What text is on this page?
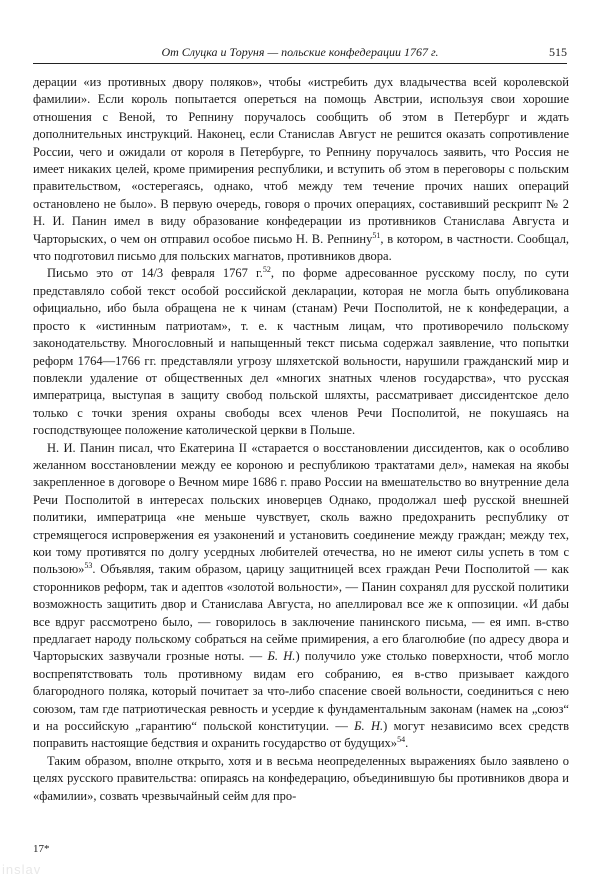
От Слуцка и Торуня — польские конфедерации 1767 г.	515

дерации «из противных двору поляков», чтобы «истребить дух владычества всей королевской фамилии». Если король попытается опереться на помощь Австрии, используя свои хорошие отношения с Веной, то Репнину поручалось сообщить об этом в Петербург и ждать дополнительных инструкций. Наконец, если Станислав Август не решится оказать сопротивление России, чего и ожидали от короля в Петербурге, то Репнину поручалось заявить, что Россия не имеет никаких целей, кроме примирения республики, и вступить об этом в переговоры с польским правительством, «остерегаясь, однако, чтоб между тем течение прочих наших операций остановлено не было». В первую очередь, говоря о прочих операциях, составивший рескрипт № 2 Н. И. Панин имел в виду образование конфедерации из противников Станислава Августа и Чарторыских, о чем он отправил особое письмо Н. В. Репнину$^{51}$, в котором, в частности. Сообщал, что подготовил письмо для польских магнатов, противников двора.

Письмо это от 14/3 февраля 1767 г.$^{52}$, по форме адресованное русскому послу, по сути представляло собой текст особой российской декларации, которая не могла быть опубликована официально, ибо была обращена не к чинам (станам) Речи Посполитой, не к конфедерации, а просто к «истинным патриотам», т. е. к частным лицам, что противоречило польскому законодательству. Многословный и напыщенный текст письма содержал заявление, что попытки реформ 1764—1766 гг. представляли угрозу шляхетской вольности, нарушили гражданский мир и повлекли удаление от общественных дел «многих знатных членов государства», что русская императрица, выступая в защиту свобод польской шляхты, рассматривает диссидентское дело только с точки зрения охраны свободы всех членов Речи Посполитой, не покушаясь на господствующее положение католической церкви в Польше.

Н. И. Панин писал, что Екатерина II «старается о восстановлении диссидентов, как о особливо желанном восстановлении между ее короною и республикою трактатами дел», намекая на якобы закрепленное в договоре о Вечном мире 1686 г. право России на вмешательство во внутренние дела Речи Посполитой в интересах польских иноверцев Однако, продолжал шеф русской внешней политики, императрица «не меньше чувствует, сколь важно предохранить республику от стремящегося испровержения ея узаконений и установить соединение между граждан; между тех, кои тому противятся по долгу усердных любителей отечества, но не имеют силы успеть в том с пользою»$^{53}$. Объявляя, таким образом, царицу защитницей всех граждан Речи Посполитой — как сторонников реформ, так и адептов «золотой вольности», — Панин сохранял для русской политики возможность защитить двор и Станислава Августа, но апеллировал все же к оппозиции. «И дабы все вдруг рассмотрено было, — говорилось в заключение панинского письма, — ея имп. в-ство предлагает народу польскому собраться на сейме примирения, а его благолюбие (по адресу двора и Чарторыских зазвучали грозные ноты. — Б. Н.) получило уже столько поверхности, чтоб могло воспрепятствовать толь противному видам его собранию, ея в-ство призывает каждого благородного поляка, который почитает за что-либо спасение своей вольности, соединиться с нею союзом, там где патриотическая ревность и усердие к фундаментальным законам (намек на „союз“ и на российскую „гарантию“ польской конституции. — Б. Н.) могут независимо всех средств поправить настоящие бедствия и охранить государство от будущих»$^{54}$.

Таким образом, вполне открыто, хотя и в весьма неопределенных выражениях было заявлено о целях русского правительства: опираясь на конфедерацию, объединившую бы противников двора и «фамилии», созвать чрезвычайный сейм для про-

17*
inslav
